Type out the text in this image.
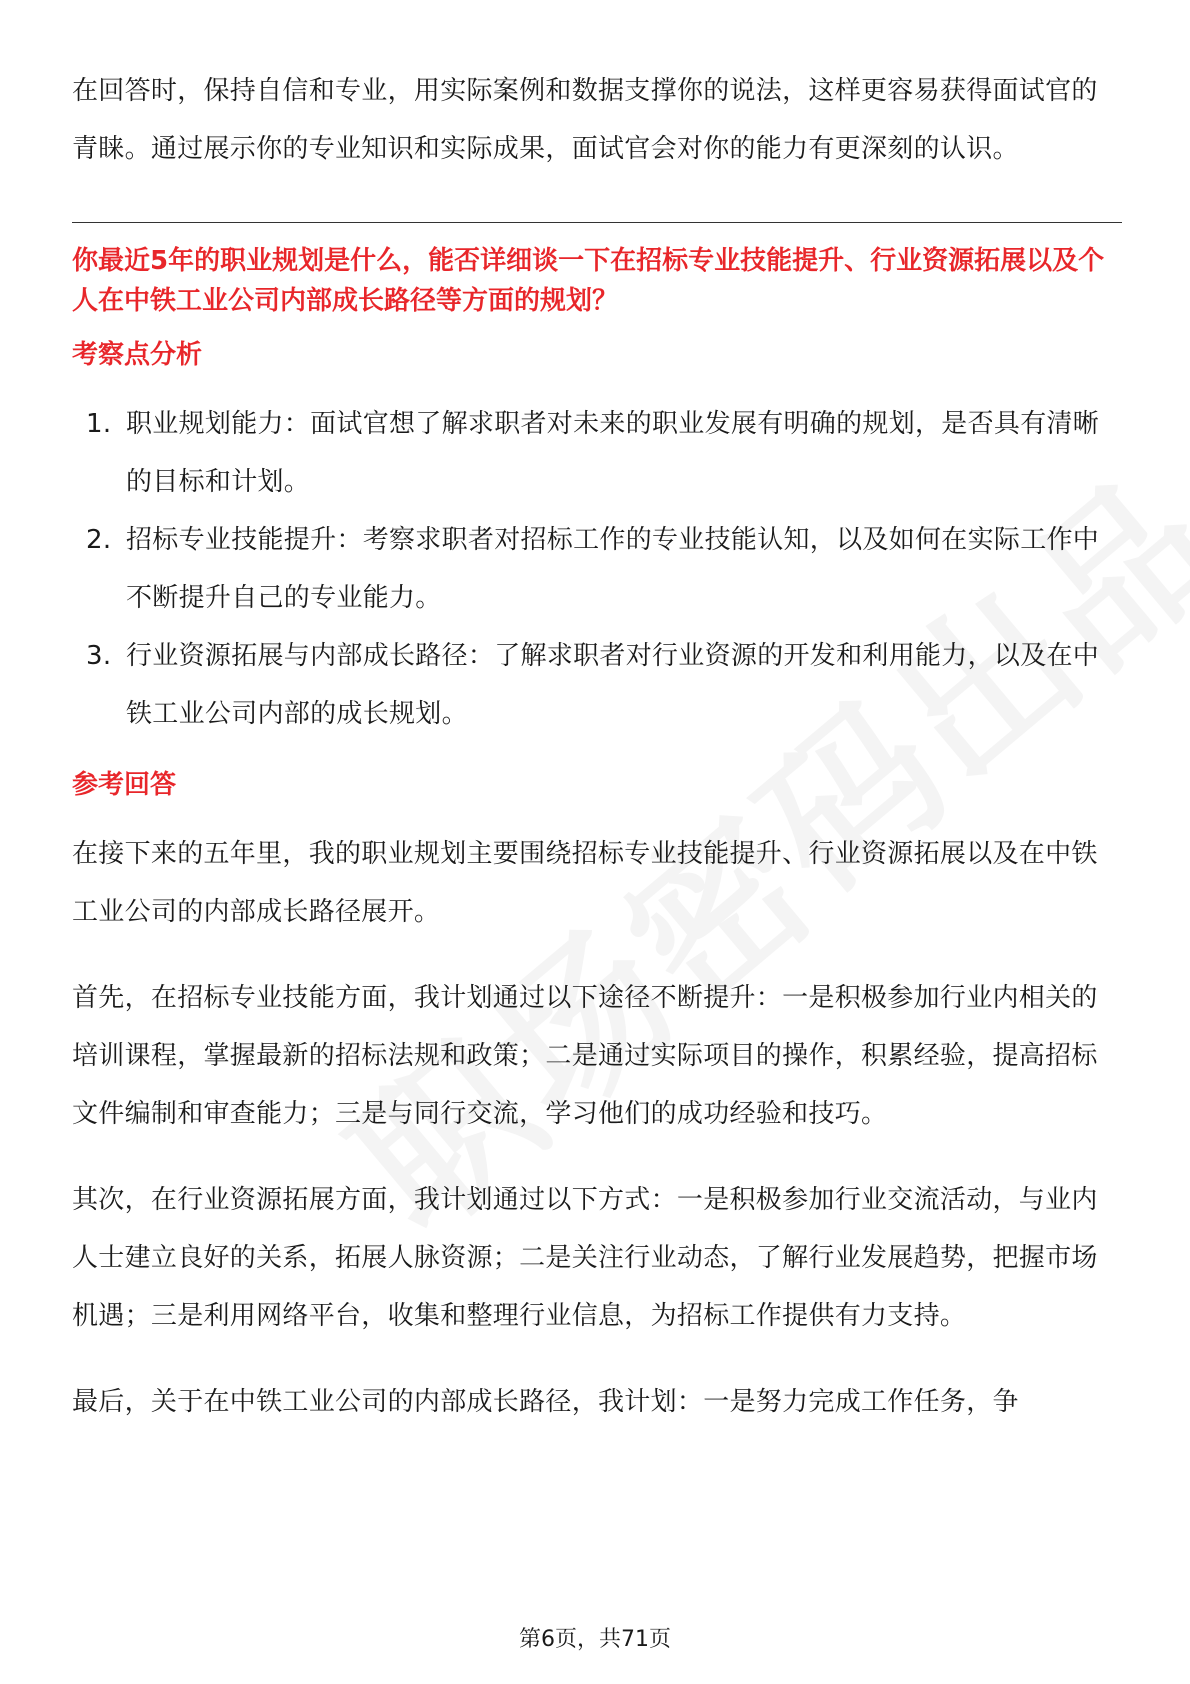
在回答时，保持自信和专业，用实际案例和数据支撑你的说法，这样更容易获得面试官的青睐。通过展示你的专业知识和实际成果，面试官会对你的能力有更深刻的认识。

你最近5年的职业规划是什么，能否详细谈一下在招标专业技能提升、行业资源拓展以及个人在中铁工业公司内部成长路径等方面的规划？

考察点分析

1. 职业规划能力：面试官想了解求职者对未来的职业发展有明确的规划，是否具有清晰的目标和计划。
2. 招标专业技能提升：考察求职者对招标工作的专业技能认知，以及如何在实际工作中不断提升自己的专业能力。
3. 行业资源拓展与内部成长路径：了解求职者对行业资源的开发和利用能力，以及在中铁工业公司内部的成长规划。

参考回答

在接下来的五年里，我的职业规划主要围绕招标专业技能提升、行业资源拓展以及在中铁工业公司的内部成长路径展开。

首先，在招标专业技能方面，我计划通过以下途径不断提升：一是积极参加行业内相关的培训课程，掌握最新的招标法规和政策；二是通过实际项目的操作，积累经验，提高招标文件编制和审查能力；三是与同行交流，学习他们的成功经验和技巧。

其次，在行业资源拓展方面，我计划通过以下方式：一是积极参加行业交流活动，与业内人士建立良好的关系，拓展人脉资源；二是关注行业动态，了解行业发展趋势，把握市场机遇；三是利用网络平台，收集和整理行业信息，为招标工作提供有力支持。

最后，关于在中铁工业公司的内部成长路径，我计划：一是努力完成工作任务，争

第6页，共71页
